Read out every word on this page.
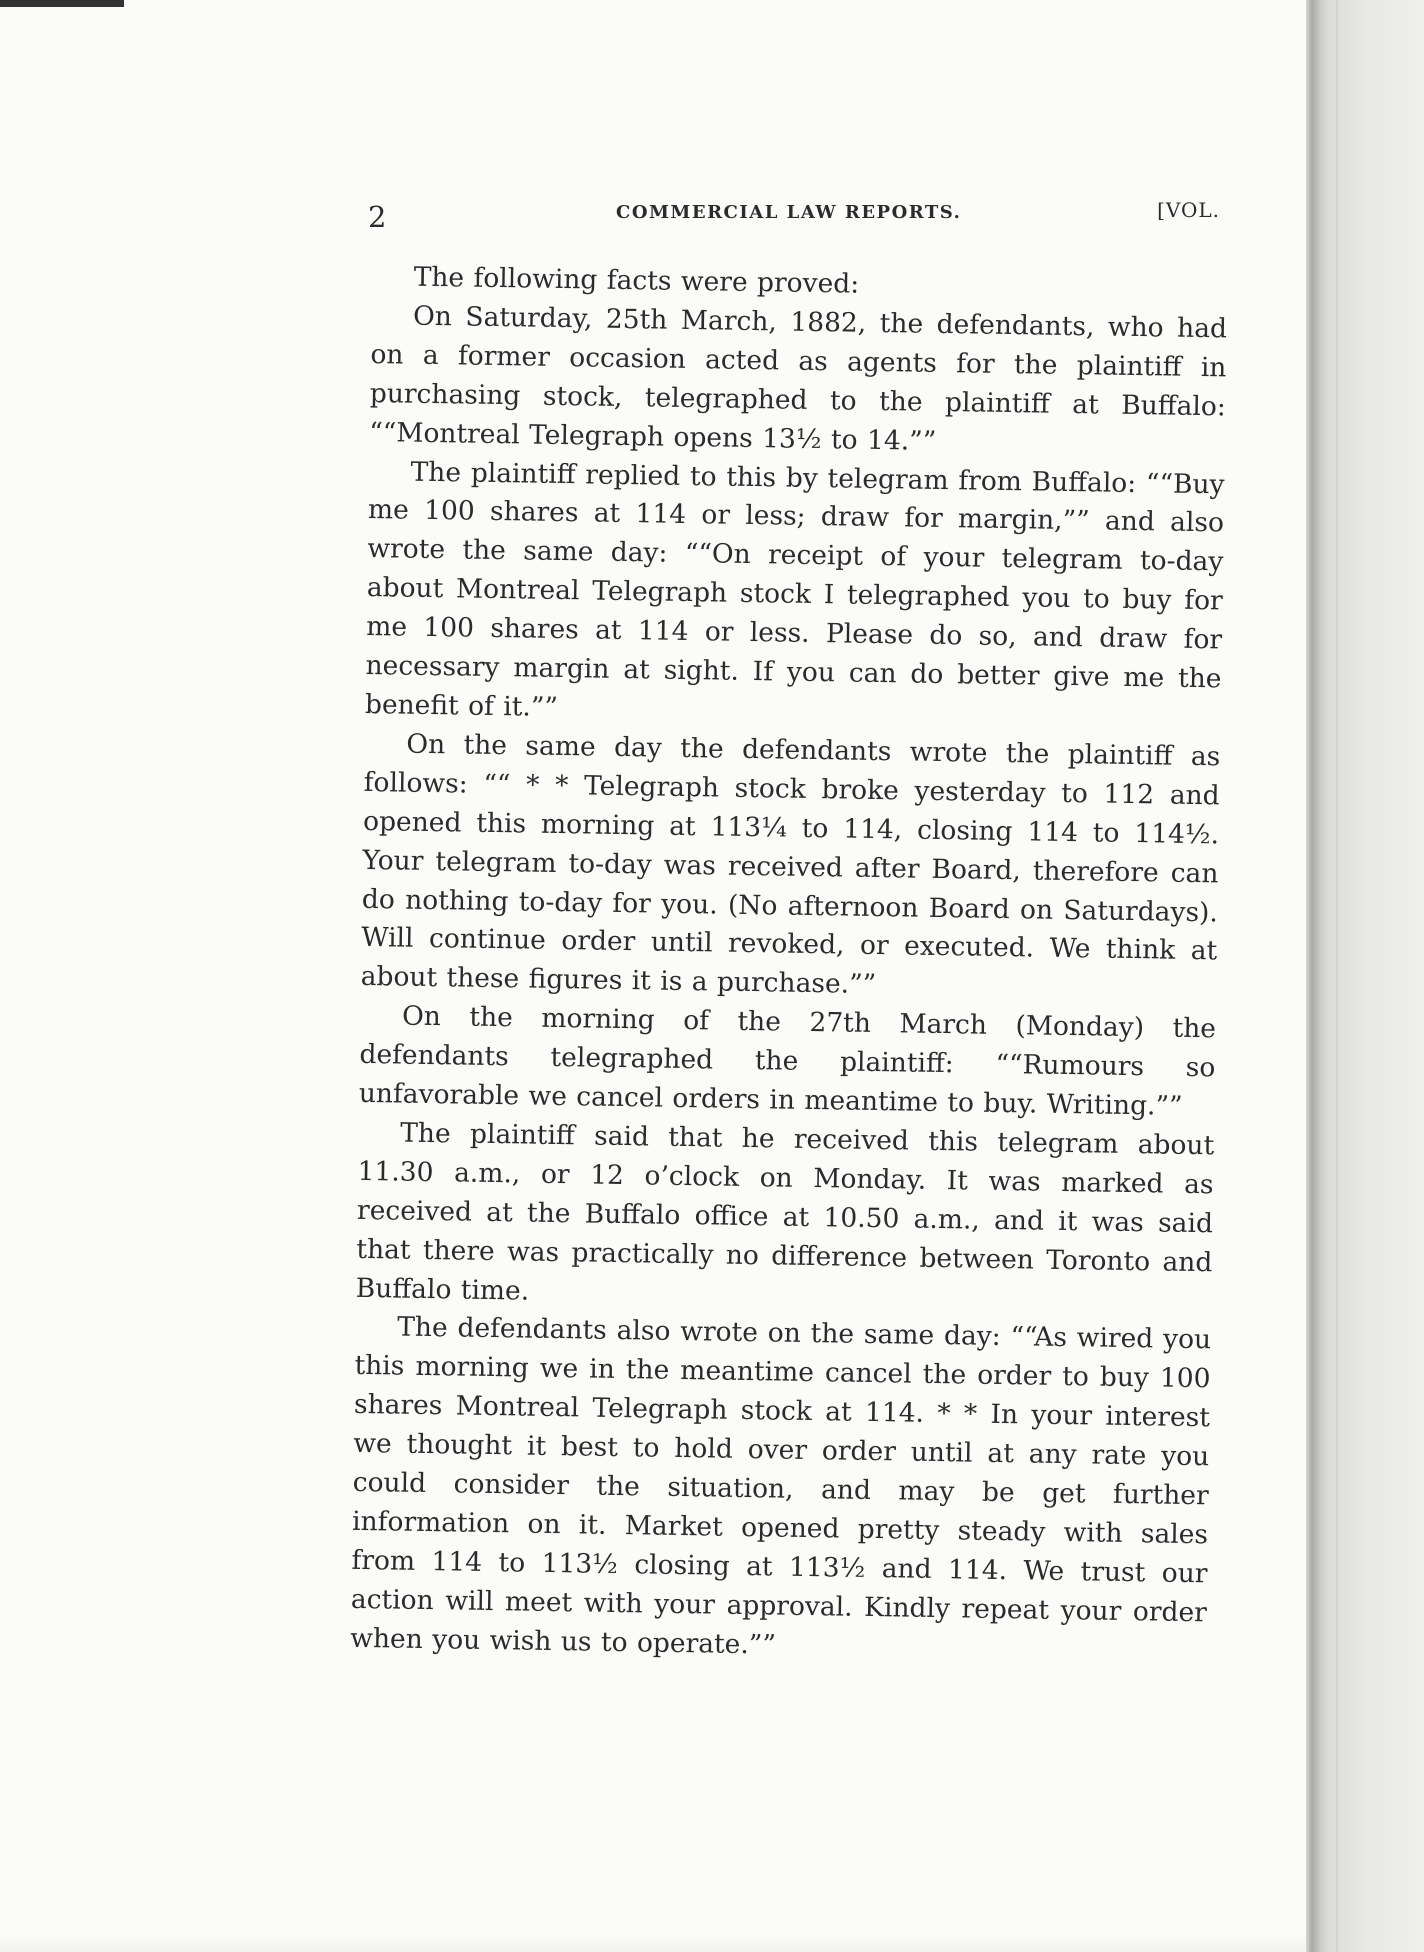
2	COMMERCIAL LAW REPORTS.	[VOL.

The following facts were proved:

On Saturday, 25th March, 1882, the defendants, who had on a former occasion acted as agents for the plaintiff in purchasing stock, telegraphed to the plaintiff at Buffalo: ““Montreal Telegraph opens 13½ to 14.””

The plaintiff replied to this by telegram from Buffalo: ““Buy me 100 shares at 114 or less; draw for margin,”” and also wrote the same day: ““On receipt of your telegram to-day about Montreal Telegraph stock I telegraphed you to buy for me 100 shares at 114 or less. Please do so, and draw for necessary margin at sight. If you can do better give me the benefit of it.””

On the same day the defendants wrote the plaintiff as follows: ““ * * Telegraph stock broke yesterday to 112 and opened this morning at 113¼ to 114, closing 114 to 114½. Your telegram to-day was received after Board, therefore can do nothing to-day for you. (No afternoon Board on Saturdays). Will continue order until revoked, or executed. We think at about these figures it is a purchase.””

On the morning of the 27th March (Monday) the defendants telegraphed the plaintiff: ““Rumours so unfavorable we cancel orders in meantime to buy. Writing.””

The plaintiff said that he received this telegram about 11.30 a.m., or 12 o’clock on Monday. It was marked as received at the Buffalo office at 10.50 a.m., and it was said that there was practically no difference between Toronto and Buffalo time.

The defendants also wrote on the same day: ““As wired you this morning we in the meantime cancel the order to buy 100 shares Montreal Telegraph stock at 114. * * In your interest we thought it best to hold over order until at any rate you could consider the situation, and may be get further information on it. Market opened pretty steady with sales from 114 to 113½ closing at 113½ and 114. We trust our action will meet with your approval. Kindly repeat your order when you wish us to operate.””
